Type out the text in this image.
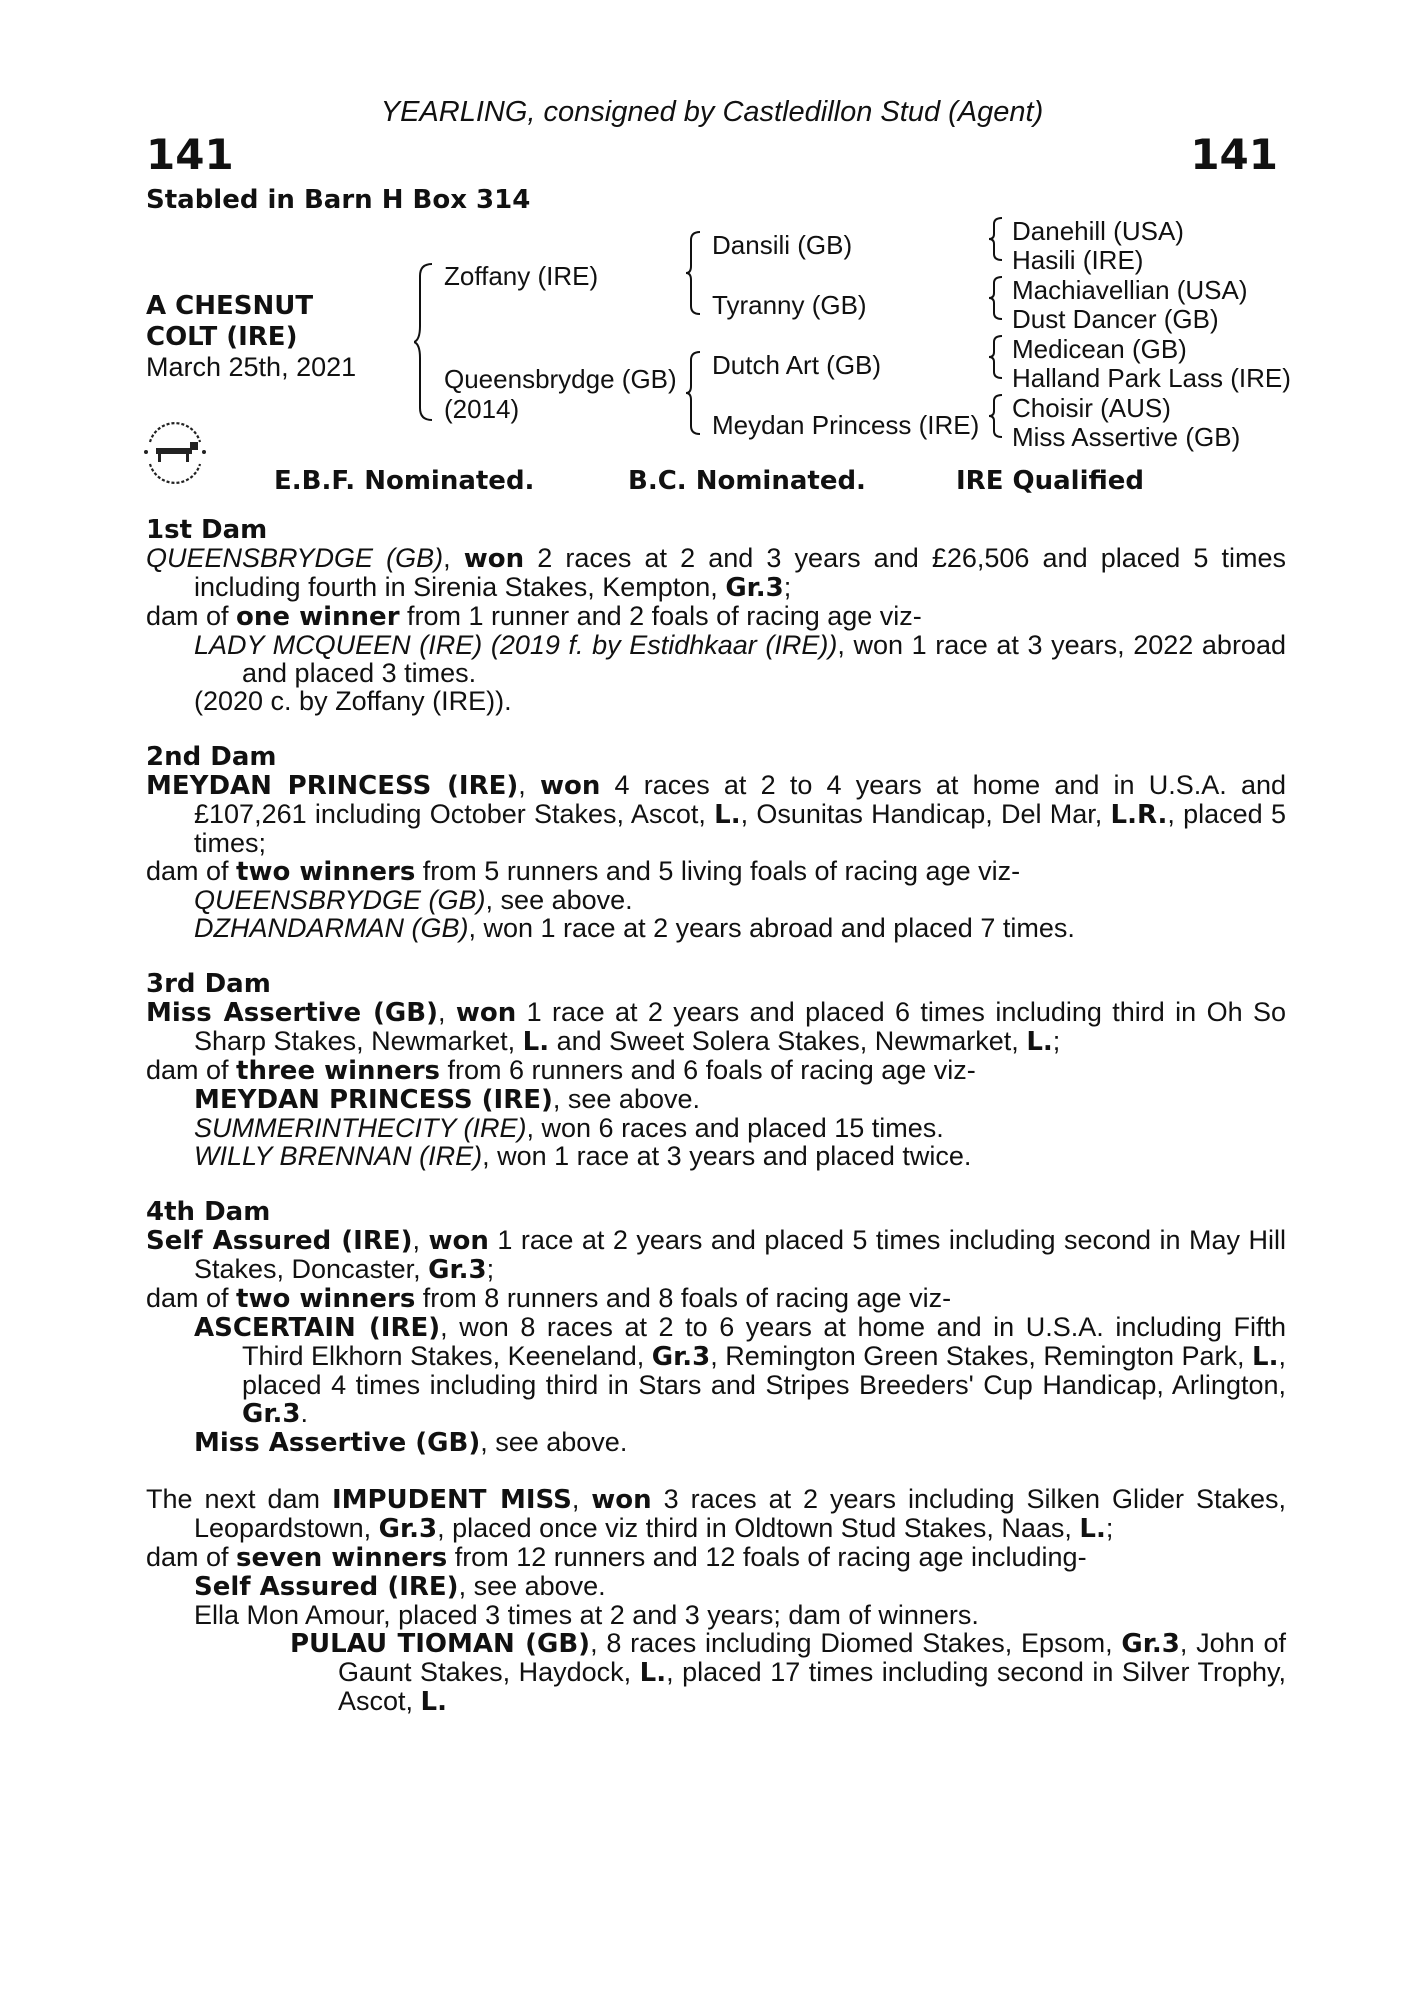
YEARLING, consigned by Castledillon Stud (Agent)
141	141
Stabled in Barn H Box 314
A CHESNUT
COLT (IRE)
March 25th, 2021
Zoffany (IRE)
Queensbrydge (GB)
(2014)
Dansili (GB)
Tyranny (GB)
Dutch Art (GB)
Meydan Princess (IRE)
Danehill (USA)
Hasili (IRE)
Machiavellian (USA)
Dust Dancer (GB)
Medicean (GB)
Halland Park Lass (IRE)
Choisir (AUS)
Miss Assertive (GB)
E.B.F. Nominated.	B.C. Nominated.	IRE Qualified
1st Dam
QUEENSBRYDGE (GB), won 2 races at 2 and 3 years and £26,506 and placed 5 times including fourth in Sirenia Stakes, Kempton, Gr.3;
dam of one winner from 1 runner and 2 foals of racing age viz-
LADY MCQUEEN (IRE) (2019 f. by Estidhkaar (IRE)), won 1 race at 3 years, 2022 abroad and placed 3 times.
(2020 c. by Zoffany (IRE)).
2nd Dam
MEYDAN PRINCESS (IRE), won 4 races at 2 to 4 years at home and in U.S.A. and £107,261 including October Stakes, Ascot, L., Osunitas Handicap, Del Mar, L.R., placed 5 times;
dam of two winners from 5 runners and 5 living foals of racing age viz-
QUEENSBRYDGE (GB), see above.
DZHANDARMAN (GB), won 1 race at 2 years abroad and placed 7 times.
3rd Dam
Miss Assertive (GB), won 1 race at 2 years and placed 6 times including third in Oh So Sharp Stakes, Newmarket, L. and Sweet Solera Stakes, Newmarket, L.;
dam of three winners from 6 runners and 6 foals of racing age viz-
MEYDAN PRINCESS (IRE), see above.
SUMMERINTHECITY (IRE), won 6 races and placed 15 times.
WILLY BRENNAN (IRE), won 1 race at 3 years and placed twice.
4th Dam
Self Assured (IRE), won 1 race at 2 years and placed 5 times including second in May Hill Stakes, Doncaster, Gr.3;
dam of two winners from 8 runners and 8 foals of racing age viz-
ASCERTAIN (IRE), won 8 races at 2 to 6 years at home and in U.S.A. including Fifth Third Elkhorn Stakes, Keeneland, Gr.3, Remington Green Stakes, Remington Park, L., placed 4 times including third in Stars and Stripes Breeders' Cup Handicap, Arlington, Gr.3.
Miss Assertive (GB), see above.
The next dam IMPUDENT MISS, won 3 races at 2 years including Silken Glider Stakes, Leopardstown, Gr.3, placed once viz third in Oldtown Stud Stakes, Naas, L.;
dam of seven winners from 12 runners and 12 foals of racing age including-
Self Assured (IRE), see above.
Ella Mon Amour, placed 3 times at 2 and 3 years; dam of winners.
PULAU TIOMAN (GB), 8 races including Diomed Stakes, Epsom, Gr.3, John of Gaunt Stakes, Haydock, L., placed 17 times including second in Silver Trophy, Ascot, L.
